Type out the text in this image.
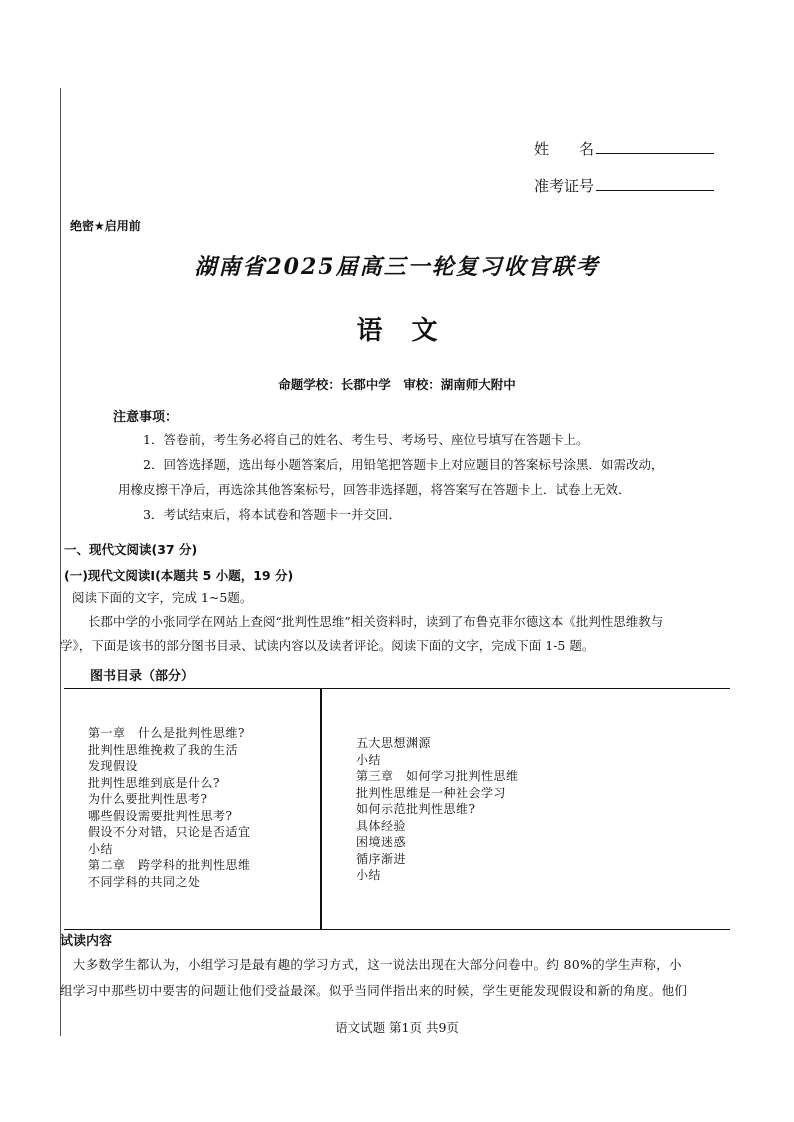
姓　　名
准考证号
绝密★启用前
湖南省2025届高三一轮复习收官联考
语 文
命题学校：长郡中学　审校：湖南师大附中
注意事项：
1．答卷前，考生务必将自己的姓名、考生号、考场号、座位号填写在答题卡上。
2．回答选择题，选出每小题答案后，用铅笔把答题卡上对应题目的答案标号涂黑．如需改动，
用橡皮擦干净后，再选涂其他答案标号，回答非选择题，将答案写在答题卡上．试卷上无效．
3．考试结束后，将本试卷和答题卡一并交回．
一、现代文阅读(37 分)
(一)现代文阅读Ⅰ(本题共 5 小题，19 分)
阅读下面的文字，完成 1~5题。
长郡中学的小张同学在网站上查阅“批判性思维”相关资料时，读到了布鲁克菲尔德这本《批判性思维教与
学》，下面是该书的部分图书目录、试读内容以及读者评论。阅读下面的文字，完成下面 1-5 题。
图书目录（部分）
第一章　什么是批判性思维?
批判性思维挽救了我的生活
发现假设
批判性思维到底是什么?
为什么要批判性思考?
哪些假设需要批判性思考?
假设不分对错，只论是否适宜
小结
第二章　跨学科的批判性思维
不同学科的共同之处
五大思想渊源
小结
第三章　如何学习批判性思维
批判性思维是一种社会学习
如何示范批判性思维?
具体经验
困境迷惑
循序渐进
小结
试读内容
　大多数学生都认为，小组学习是最有趣的学习方式，这一说法出现在大部分问卷中。约 80%的学生声称，小
组学习中那些切中要害的问题让他们受益最深。似乎当同伴指出来的时候，学生更能发现假设和新的角度。他们
语文试题 第1页 共9页
